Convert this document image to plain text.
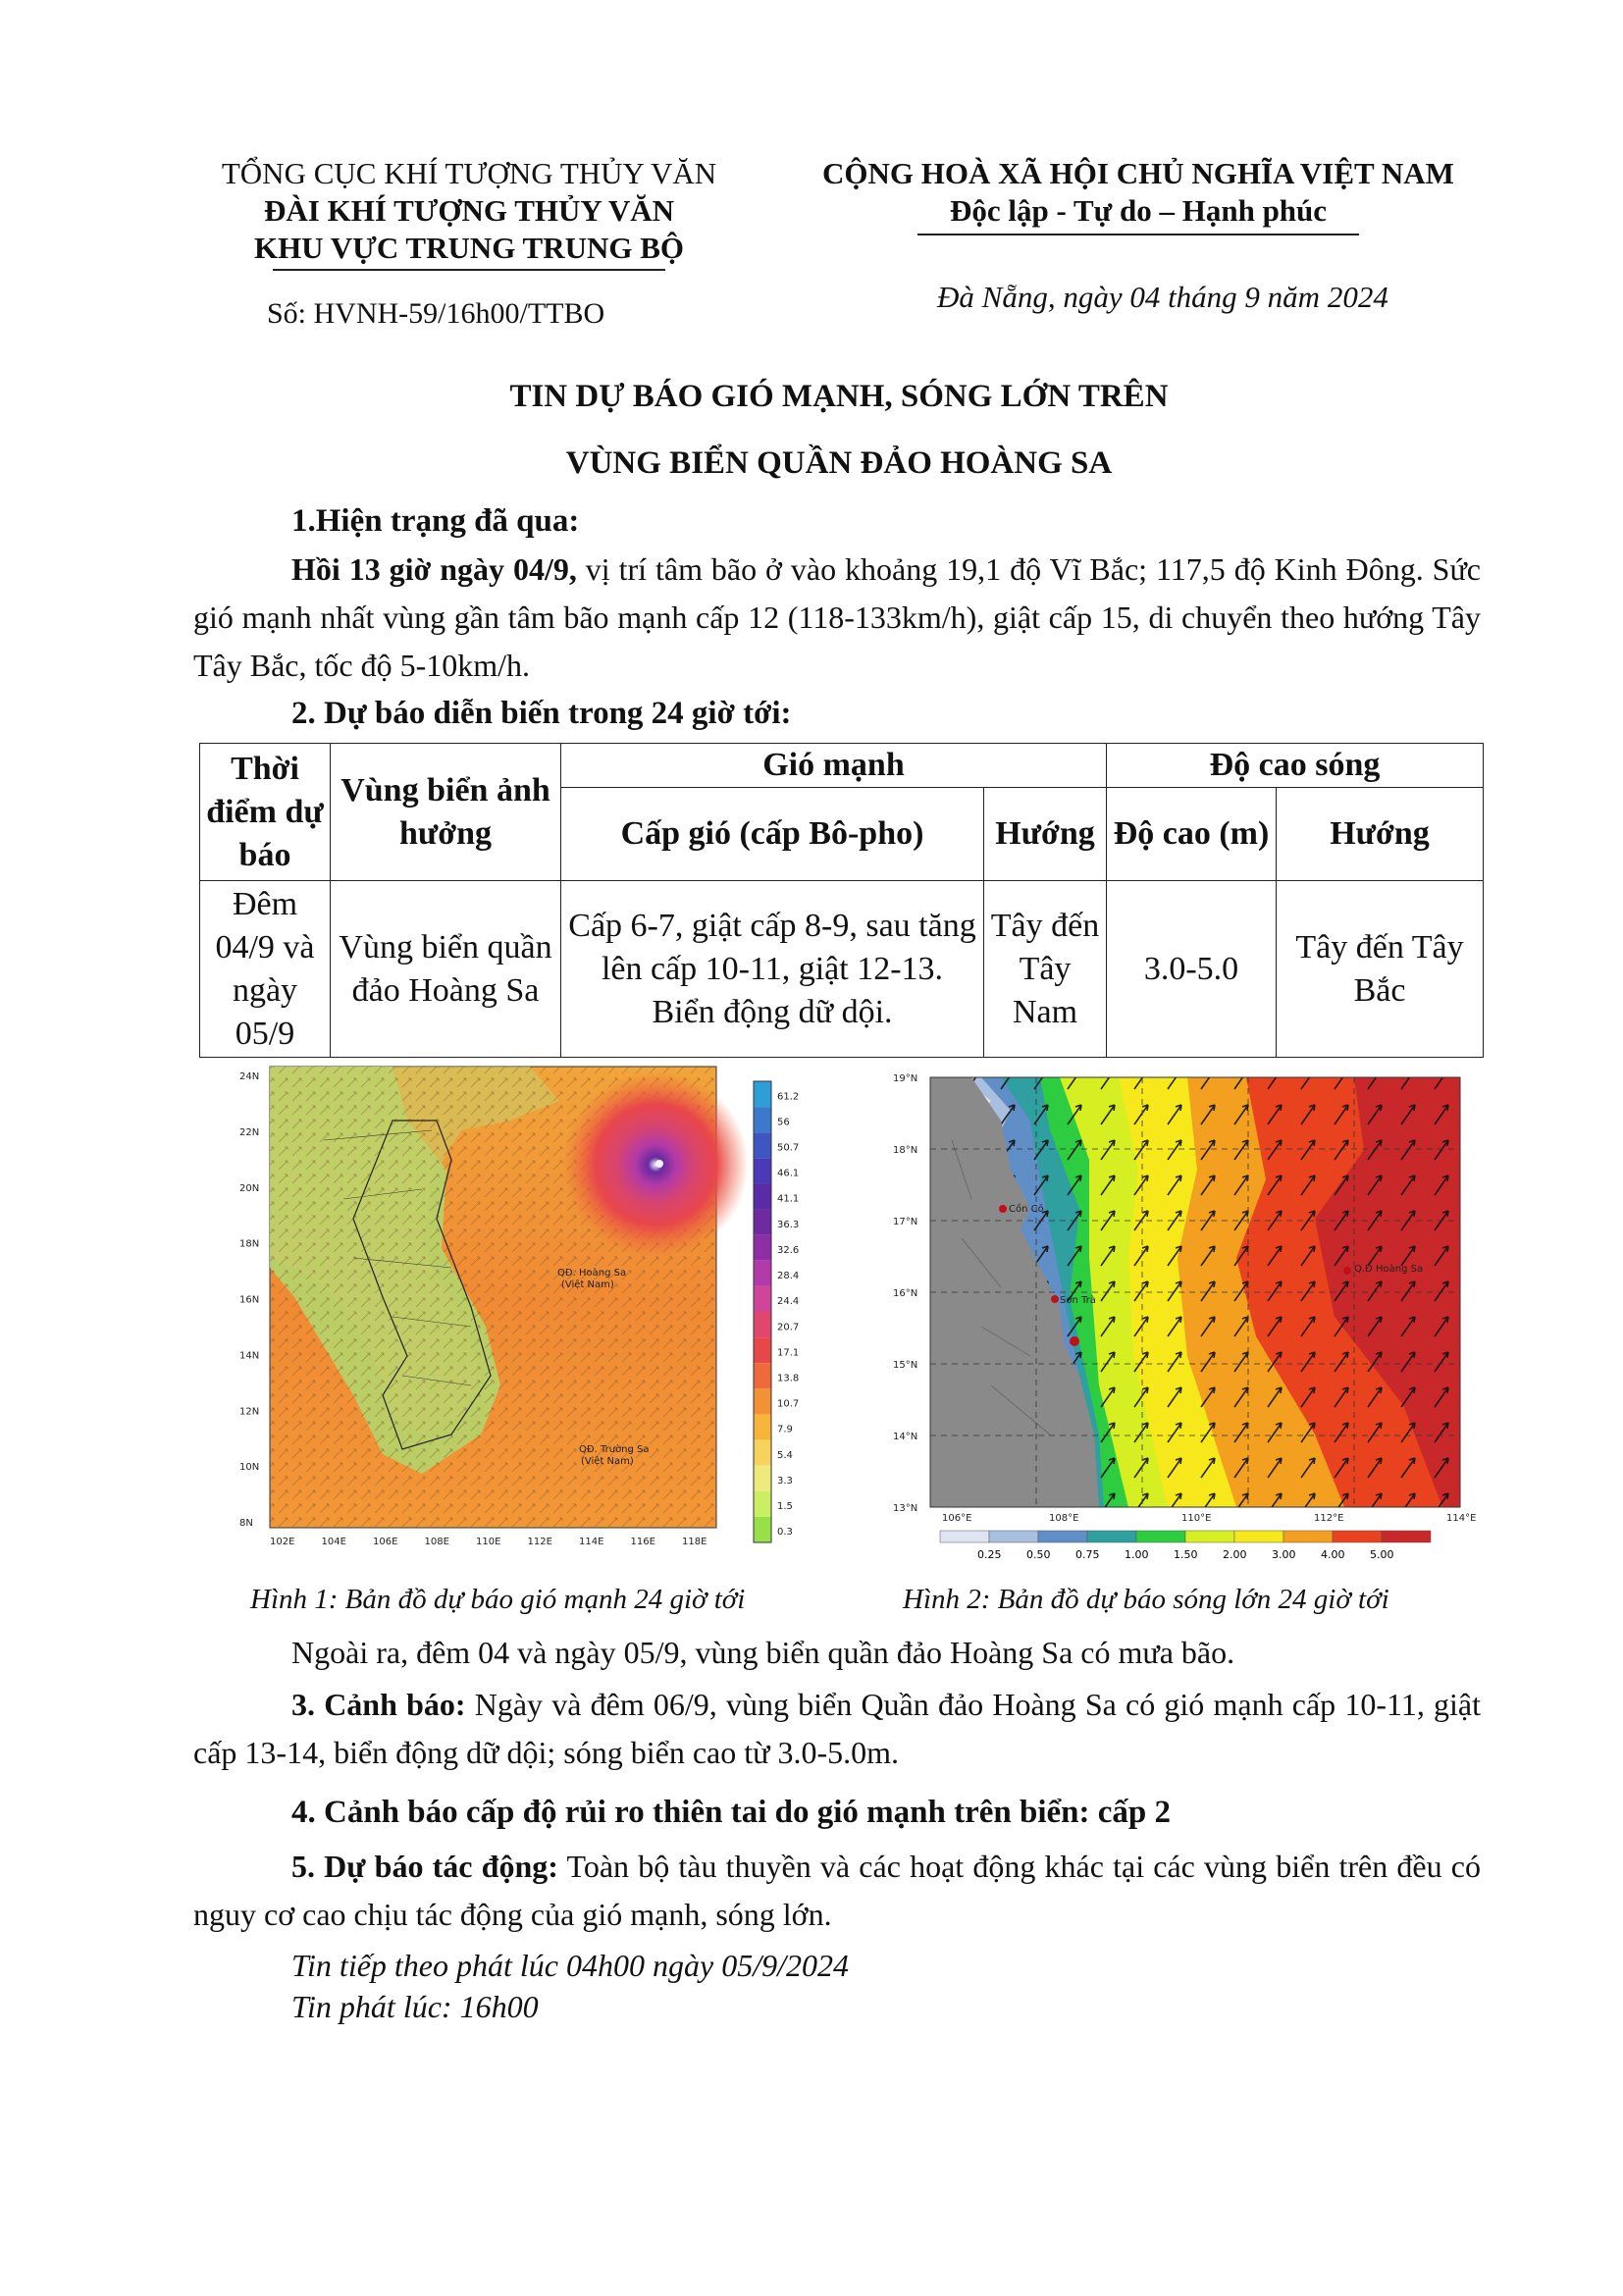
TỔNG CỤC KHÍ TƯỢNG THỦY VĂN
ĐÀI KHÍ TƯỢNG THỦY VĂN
KHU VỰC TRUNG TRUNG BỘ
Số: HVNH-59/16h00/TTBO
CỘNG HOÀ XÃ HỘI CHỦ NGHĨA VIỆT NAM
Độc lập - Tự do – Hạnh phúc
Đà Nẵng, ngày 04 tháng 9 năm 2024
TIN DỰ BÁO GIÓ MẠNH, SÓNG LỚN TRÊN
VÙNG BIỂN QUẦN ĐẢO HOÀNG SA
1.Hiện trạng đã qua:
Hồi 13 giờ ngày 04/9, vị trí tâm bão ở vào khoảng 19,1 độ Vĩ Bắc; 117,5 độ Kinh Đông. Sức gió mạnh nhất vùng gần tâm bão mạnh cấp 12 (118-133km/h), giật cấp 15, di chuyển theo hướng Tây Tây Bắc, tốc độ 5-10km/h.
2. Dự báo diễn biến trong 24 giờ tới:
Thời điểm dự báo	Vùng biển ảnh hưởng	Gió mạnh		Độ cao sóng	
		Cấp gió (cấp Bô-pho)	Hướng	Độ cao (m)	Hướng
Đêm 04/9 và ngày 05/9	Vùng biển quần đảo Hoàng Sa	Cấp 6-7, giật cấp 8-9, sau tăng lên cấp 10-11, giật 12-13. Biển động dữ dội.	Tây đến Tây Nam	3.0-5.0	Tây đến Tây Bắc
QĐ. Hoàng Sa
(Việt Nam)
QĐ. Trường Sa
(Việt Nam)
24N
22N
20N
18N
16N
14N
12N
10N
8N
102E	104E	106E	108E	110E	112E	114E	116E	118E
61.2
56
50.7
46.1
41.1
36.3
32.6
28.4
24.4
20.7
17.1
13.8
10.7
7.9
5.4
3.3
1.5
0.3
Hình 1: Bản đồ dự báo gió mạnh 24 giờ tới
Cồn Cỏ
Sơn Trà
Q.Đ Hoàng Sa
19°N
18°N
17°N
16°N
15°N
14°N
13°N
106°E	108°E	110°E	112°E	114°E
0.25 0.50 0.75 1.00 1.50 2.00 3.00 4.00 5.00
Hình 2: Bản đồ dự báo sóng lớn 24 giờ tới
Ngoài ra, đêm 04 và ngày 05/9, vùng biển quần đảo Hoàng Sa có mưa bão.
3. Cảnh báo: Ngày và đêm 06/9, vùng biển Quần đảo Hoàng Sa có gió mạnh cấp 10-11, giật cấp 13-14, biển động dữ dội; sóng biển cao từ 3.0-5.0m.
4. Cảnh báo cấp độ rủi ro thiên tai do gió mạnh trên biển: cấp 2
5. Dự báo tác động: Toàn bộ tàu thuyền và các hoạt động khác tại các vùng biển trên đều có nguy cơ cao chịu tác động của gió mạnh, sóng lớn.
Tin tiếp theo phát lúc 04h00 ngày 05/9/2024
Tin phát lúc: 16h00
